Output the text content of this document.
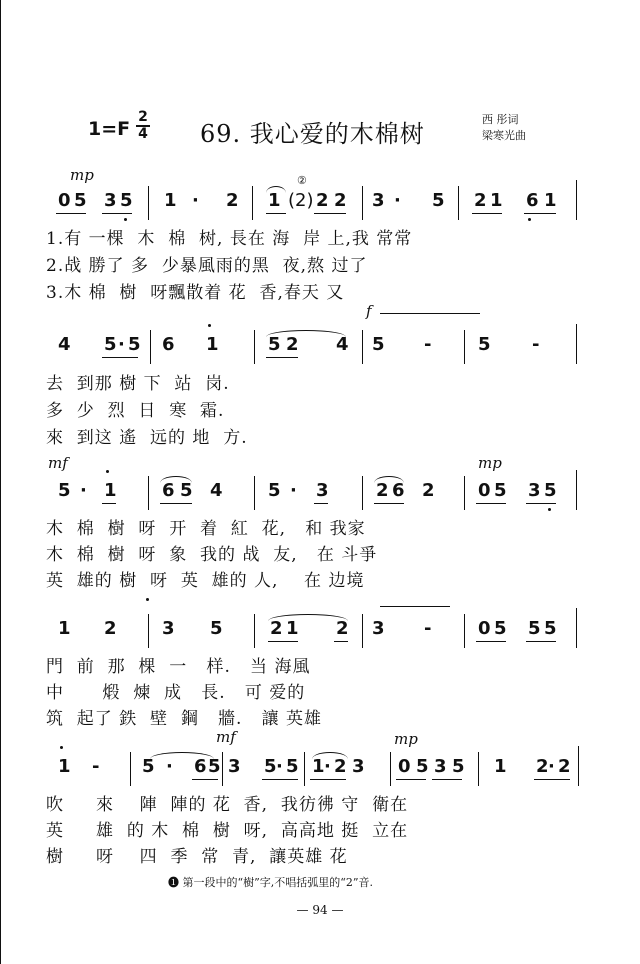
1=F
2
4 69. 我心爱的木棉树
西 彤词
梁寒光曲
mp
0 5 3 5 1 · 2 1 (2) 2 2 3 · 5 2 1 6 1
②
1.有 一棵  木  棉  树, 長在 海  岸 上,我 常常
2.战 勝了 多  少暴風雨的黑  夜,熬 过了
3.木 棉  樹  呀飄散着 花  香,春天 又
f
4 5 · 5 6 1	5 2 4 5 -	5 -
去  到那 樹 下  站  岗.
多  少  烈  日  寒  霜.
來  到这 遙  远的 地  方.
mf	mp
5 · 1	6 5 4	5 · 3	2 6 2 0 5 3 5
木  棉  樹  呀  开  着  紅  花,   和 我家
木  棉  樹  呀  象  我的 战  友,   在 斗爭
英  雄的 樹  呀  英  雄的 人,    在 边境
1 2	3 5	2 1 2 3 -	0 5 5 5
門  前  那  棵  一   样.   当 海風
中      煅  煉  成   長.   可 爱的
筑  起了 鉄  壁  鋼   牆.   讓 英雄
mf	mp
1 - 5 · 6 5 3 5 · 5 1 · 2 3 0 5 3 5 1 2 · 2
吹     來    陣  陣的 花  香,  我彷彿 守  衛在
英     雄  的 木  棉  樹  呀,  高高地 挺  立在
樹     呀    四  季  常  青,  讓英雄 花
❶ 第一段中的“樹”字,不唱括弧里的“2”音.
— 94 —
